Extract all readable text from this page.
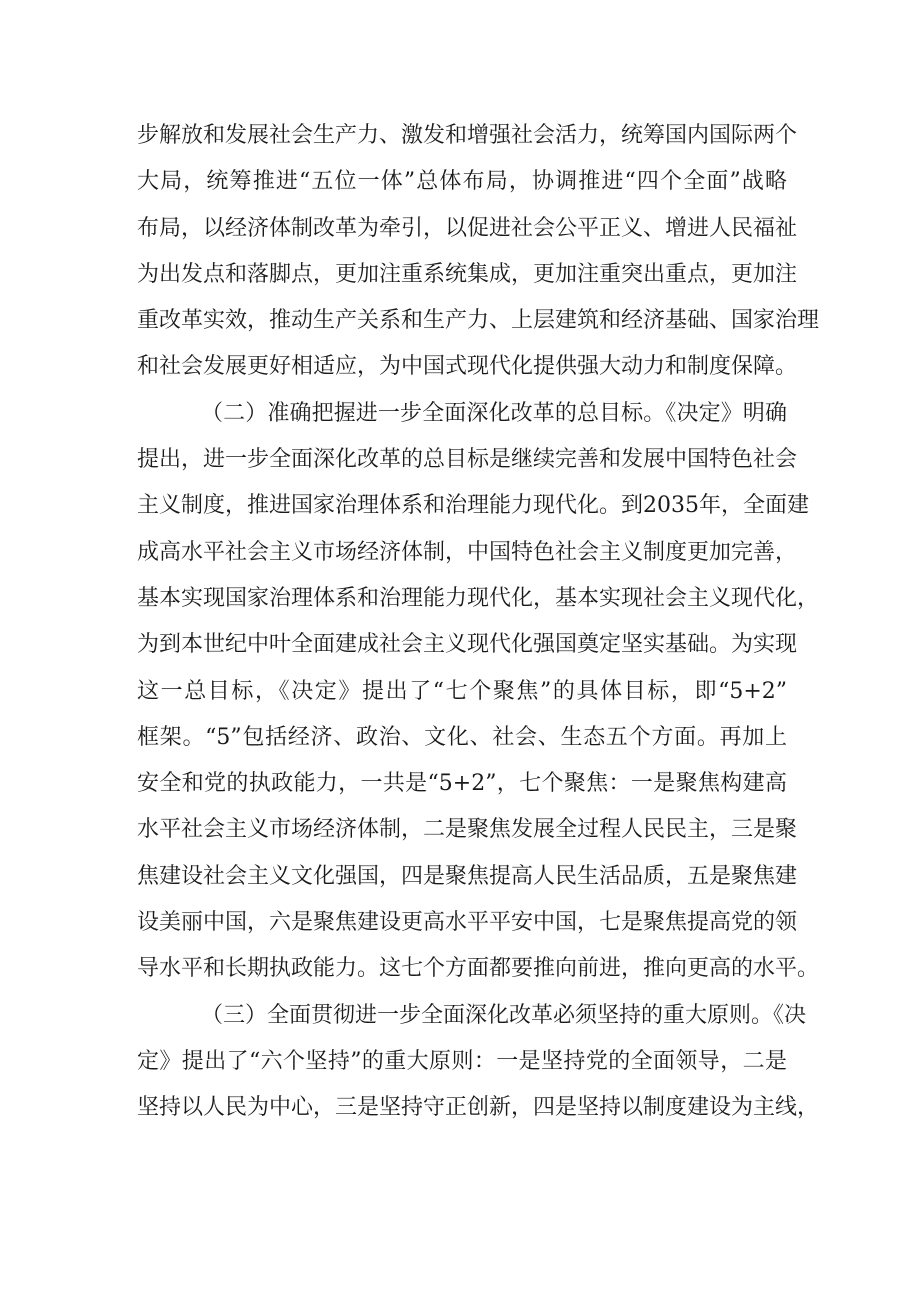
步解放和发展社会生产力、激发和增强社会活力，统筹国内国际两个
大局，统筹推进“五位一体”总体布局，协调推进“四个全面”战略
布局，以经济体制改革为牵引，以促进社会公平正义、增进人民福祉
为出发点和落脚点，更加注重系统集成，更加注重突出重点，更加注
重改革实效，推动生产关系和生产力、上层建筑和经济基础、国家治理
和社会发展更好相适应，为中国式现代化提供强大动力和制度保障。
（二）准确把握进一步全面深化改革的总目标。《决定》明确
提出，进一步全面深化改革的总目标是继续完善和发展中国特色社会
主义制度，推进国家治理体系和治理能力现代化。到2035年，全面建
成高水平社会主义市场经济体制，中国特色社会主义制度更加完善，
基本实现国家治理体系和治理能力现代化，基本实现社会主义现代化，
为到本世纪中叶全面建成社会主义现代化强国奠定坚实基础。为实现
这一总目标，《决定》提出了“七个聚焦”的具体目标，即“5+2”
框架。“5”包括经济、政治、文化、社会、生态五个方面。再加上
安全和党的执政能力，一共是“5+2”，七个聚焦：一是聚焦构建高
水平社会主义市场经济体制，二是聚焦发展全过程人民民主，三是聚
焦建设社会主义文化强国，四是聚焦提高人民生活品质，五是聚焦建
设美丽中国，六是聚焦建设更高水平平安中国，七是聚焦提高党的领
导水平和长期执政能力。这七个方面都要推向前进，推向更高的水平。
（三）全面贯彻进一步全面深化改革必须坚持的重大原则。《决
定》提出了“六个坚持”的重大原则：一是坚持党的全面领导，二是
坚持以人民为中心，三是坚持守正创新，四是坚持以制度建设为主线，
